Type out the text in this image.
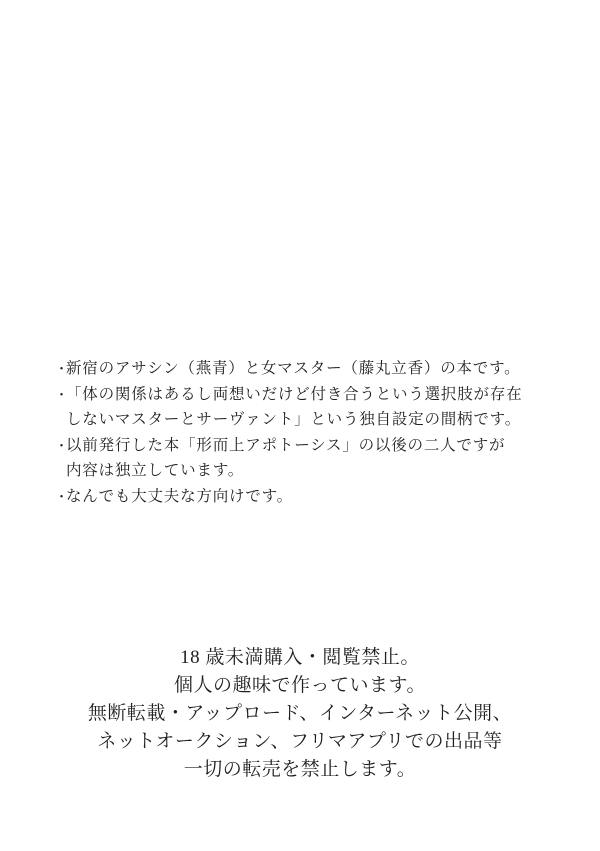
・
新宿のアサシン（燕青）と女マスター（藤丸立香）の本です。
・
「体の関係はあるし両想いだけど付き合うという選択肢が存在
しないマスターとサーヴァント」という独自設定の間柄です。
・
以前発行した本「形而上アポトーシス」の以後の二人ですが
内容は独立しています。
・
なんでも大丈夫な方向けです。
18 歳未満購入・閲覧禁止。
個人の趣味で作っています。
無断転載・アップロード、インターネット公開、
ネットオークション、フリマアプリでの出品等
一切の転売を禁止します。
